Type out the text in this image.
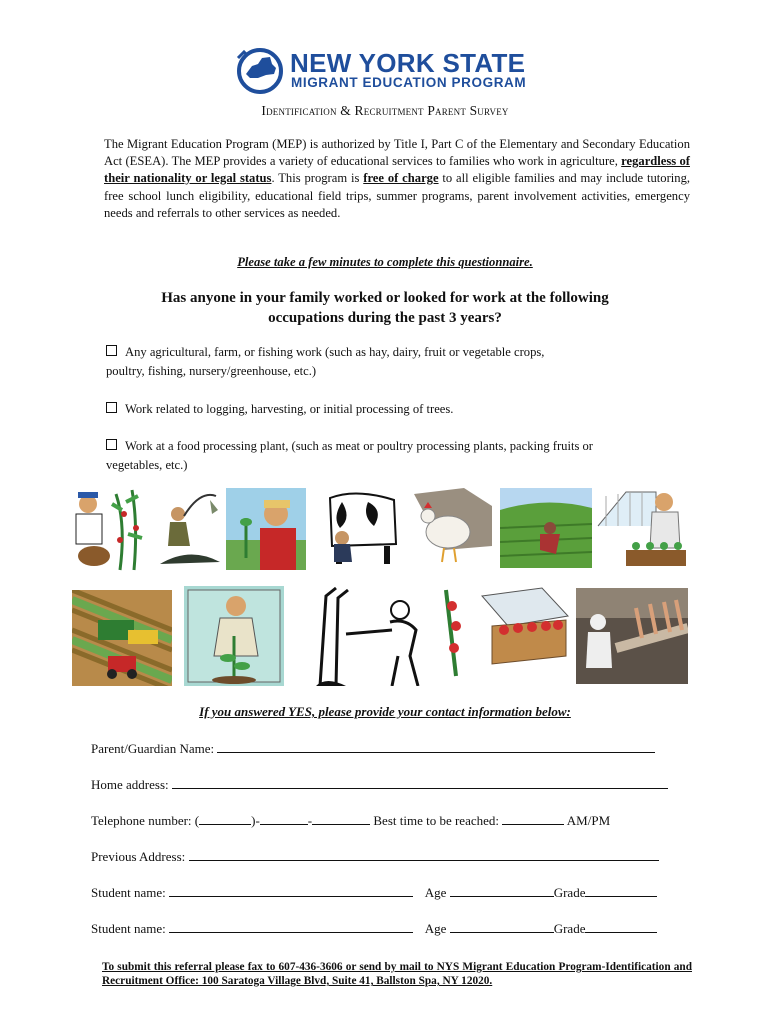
NEW YORK STATE
MIGRANT EDUCATION PROGRAM
Identification & Recruitment Parent Survey
The Migrant Education Program (MEP) is authorized by Title I, Part C of the Elementary and Secondary Education Act (ESEA). The MEP provides a variety of educational services to families who work in agriculture, regardless of their nationality or legal status. This program is free of charge to all eligible families and may include tutoring, free school lunch eligibility, educational field trips, summer programs, parent involvement activities, emergency needs and referrals to other services as needed.
Please take a few minutes to complete this questionnaire.
Has anyone in your family worked or looked for work at the following
occupations during the past 3 years?
Any agricultural, farm, or fishing work (such as hay, dairy, fruit or vegetable crops,
poultry, fishing, nursery/greenhouse, etc.)
Work related to logging, harvesting, or initial processing of trees.
Work at a food processing plant, (such as meat or poultry processing plants, packing fruits or
vegetables, etc.)
If you answered YES, please provide your contact information below:
Parent/Guardian Name:
Home address:
Telephone number: (	)-	-	Best time to be reached:	AM/PM
Previous Address:
Student name:	Age	Grade
Student name:	Age	Grade
To submit this referral please fax to 607-436-3606 or send by mail to NYS Migrant Education Program-Identification and Recruitment Office: 100 Saratoga Village Blvd, Suite 41, Ballston Spa, NY 12020.
